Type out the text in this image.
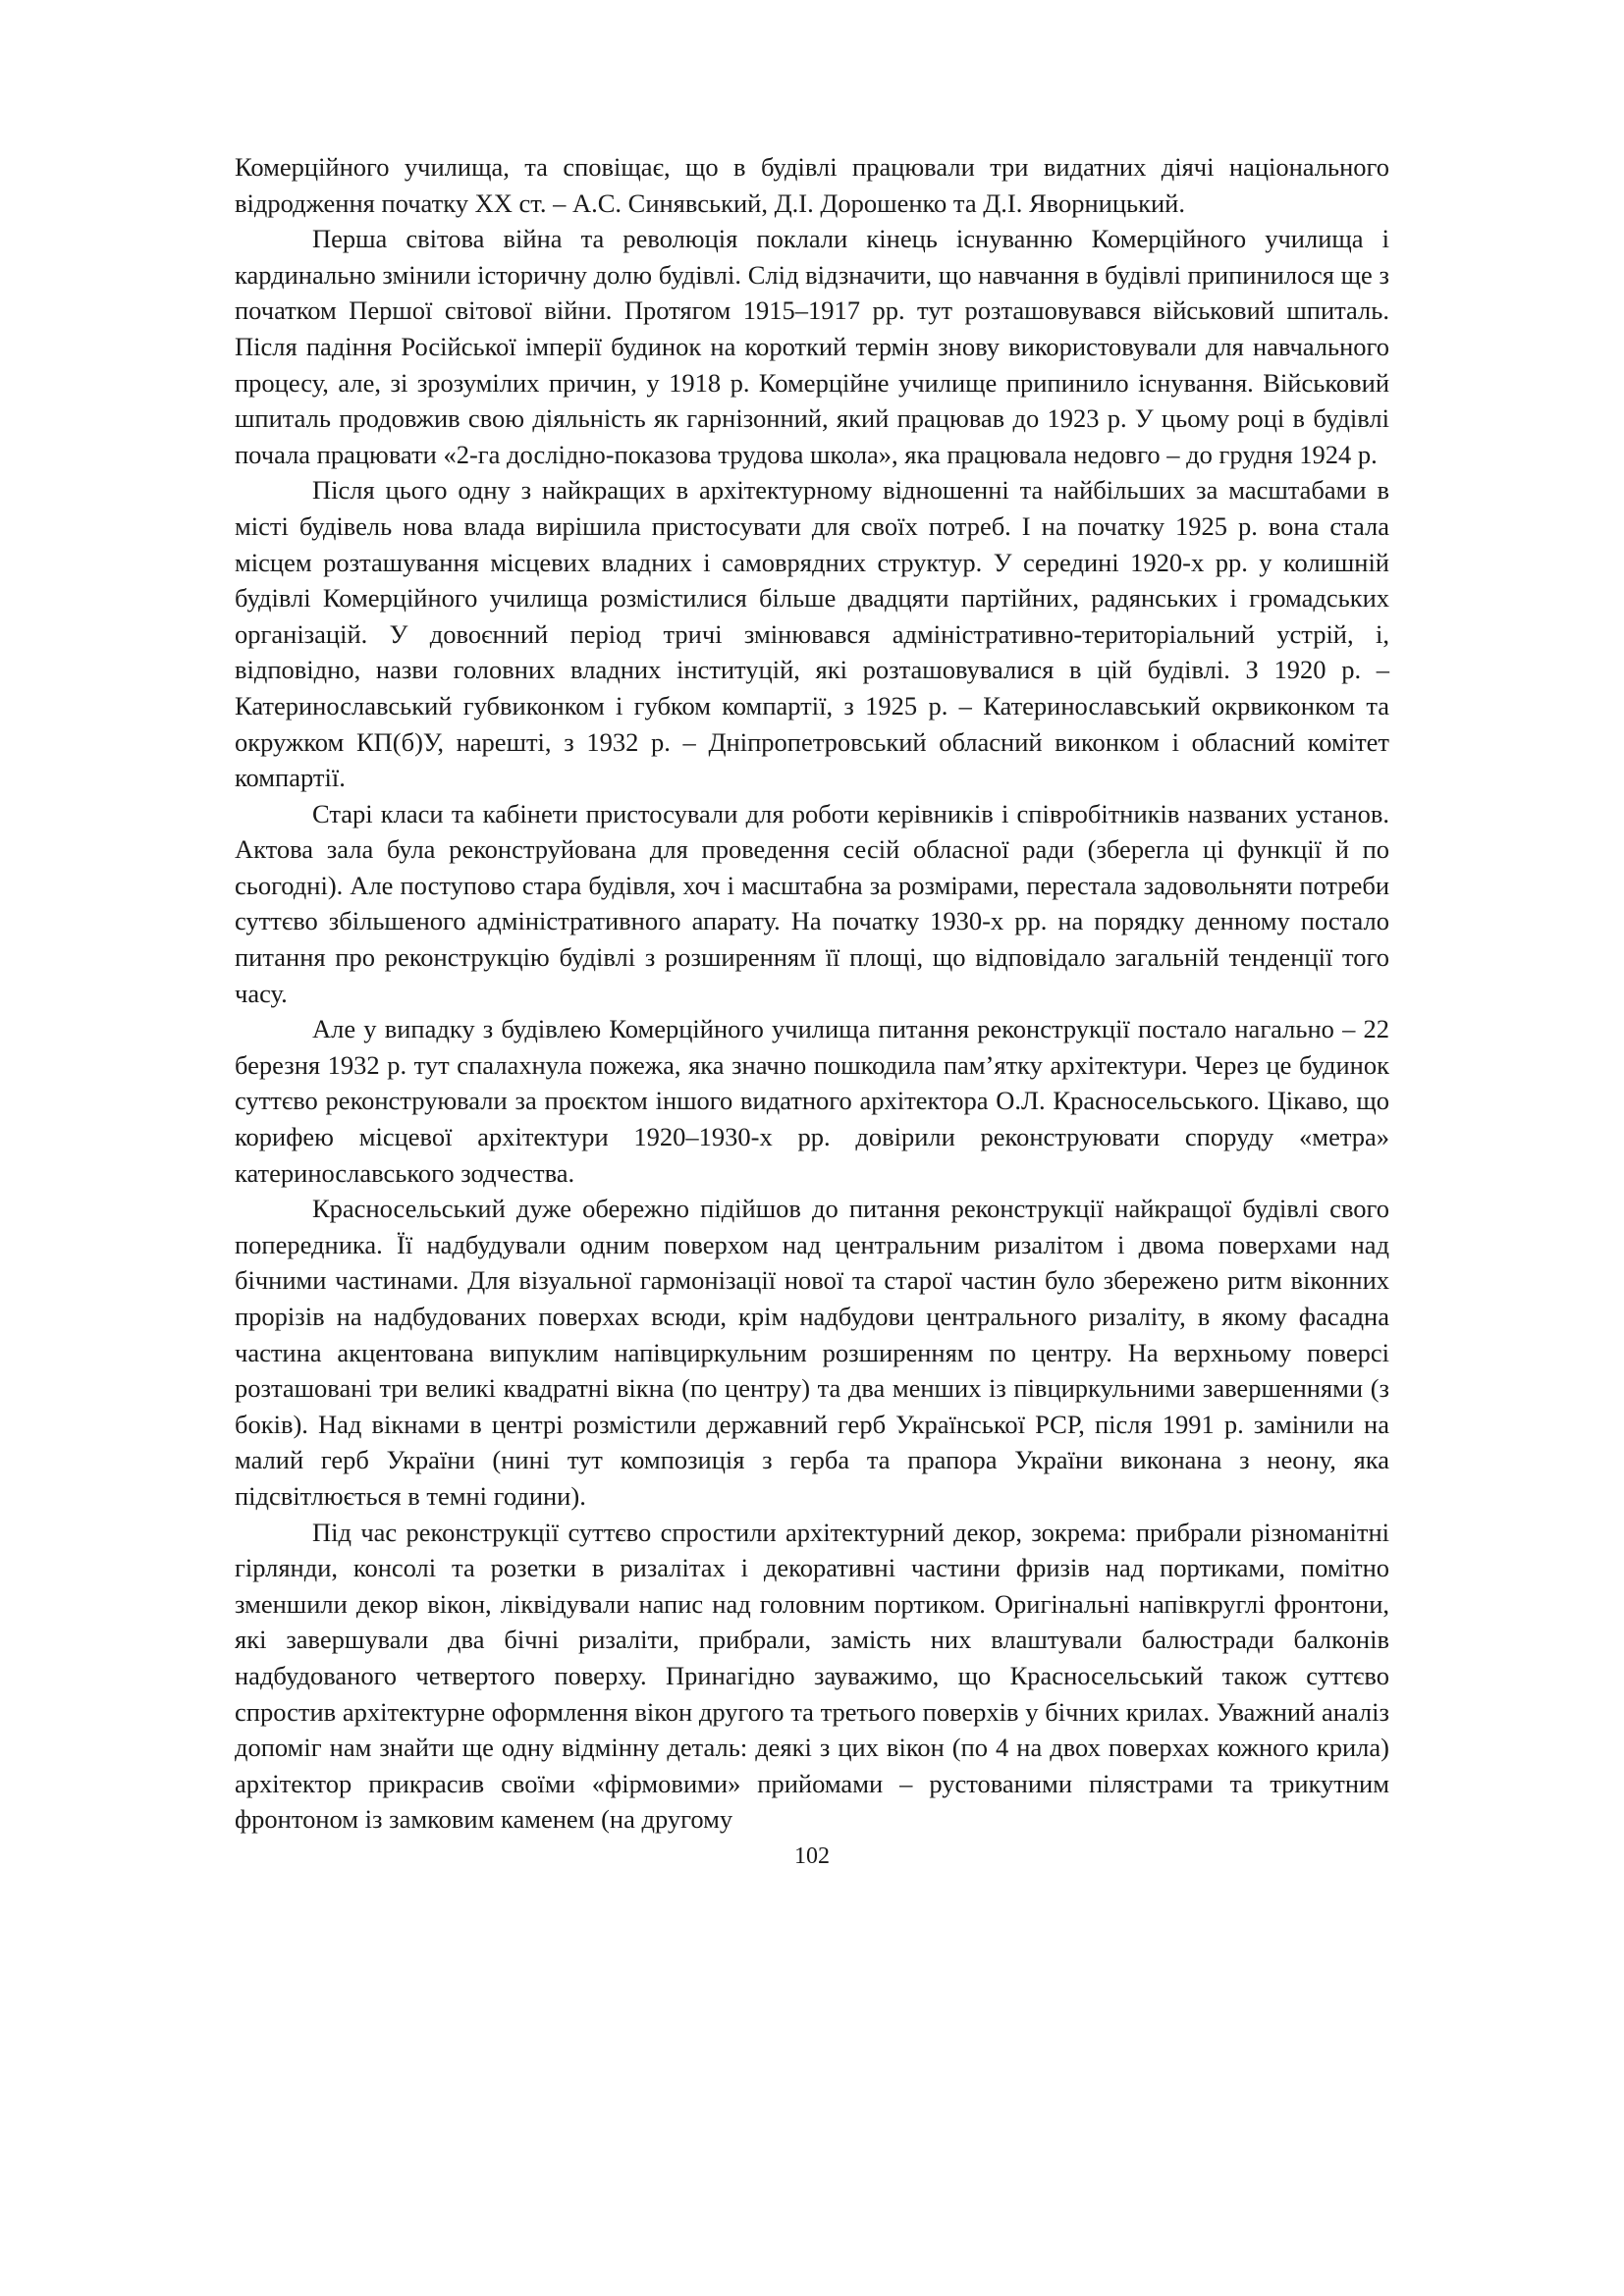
Комерційного училища, та сповіщає, що в будівлі працювали три видатних діячі національного відродження початку XX ст. – А.С. Синявський, Д.І. Дорошенко та Д.І. Яворницький.

Перша світова війна та революція поклали кінець існуванню Комерційного училища і кардинально змінили історичну долю будівлі. Слід відзначити, що навчання в будівлі припинилося ще з початком Першої світової війни. Протягом 1915–1917 рр. тут розташовувався військовий шпиталь. Після падіння Російської імперії будинок на короткий термін знову використовували для навчального процесу, але, зі зрозумілих причин, у 1918 р. Комерційне училище припинило існування. Військовий шпиталь продовжив свою діяльність як гарнізонний, який працював до 1923 р. У цьому році в будівлі почала працювати «2-га дослідно-показова трудова школа», яка працювала недовго – до грудня 1924 р.

Після цього одну з найкращих в архітектурному відношенні та найбільших за масштабами в місті будівель нова влада вирішила пристосувати для своїх потреб. І на початку 1925 р. вона стала місцем розташування місцевих владних і самоврядних структур. У середині 1920-х рр. у колишній будівлі Комерційного училища розмістилися більше двадцяти партійних, радянських і громадських організацій. У довоєнний період тричі змінювався адміністративно-територіальний устрій, і, відповідно, назви головних владних інституцій, які розташовувалися в цій будівлі. З 1920 р. – Катеринославський губвиконком і губком компартії, з 1925 р. – Катеринославський окрвиконком та окружком КП(б)У, нарешті, з 1932 р. – Дніпропетровський обласний виконком і обласний комітет компартії.

Старі класи та кабінети пристосували для роботи керівників і співробітників названих установ. Актова зала була реконструйована для проведення сесій обласної ради (зберегла ці функції й по сьогодні). Але поступово стара будівля, хоч і масштабна за розмірами, перестала задовольняти потреби суттєво збільшеного адміністративного апарату. На початку 1930-х рр. на порядку денному постало питання про реконструкцію будівлі з розширенням її площі, що відповідало загальній тенденції того часу.

Але у випадку з будівлею Комерційного училища питання реконструкції постало нагально – 22 березня 1932 р. тут спалахнула пожежа, яка значно пошкодила пам’ятку архітектури. Через це будинок суттєво реконструювали за проєктом іншого видатного архітектора О.Л. Красносельського. Цікаво, що корифею місцевої архітектури 1920–1930-х рр. довірили реконструювати споруду «метра» катеринославського зодчества.

Красносельський дуже обережно підійшов до питання реконструкції найкращої будівлі свого попередника. Її надбудували одним поверхом над центральним ризалітом і двома поверхами над бічними частинами. Для візуальної гармонізації нової та старої частин було збережено ритм віконних прорізів на надбудованих поверхах всюди, крім надбудови центрального ризаліту, в якому фасадна частина акцентована випуклим напівциркульним розширенням по центру. На верхньому поверсі розташовані три великі квадратні вікна (по центру) та два менших із півциркульними завершеннями (з боків). Над вікнами в центрі розмістили державний герб Української РСР, після 1991 р. замінили на малий герб України (нині тут композиція з герба та прапора України виконана з неону, яка підсвітлюється в темні години).

Під час реконструкції суттєво спростили архітектурний декор, зокрема: прибрали різноманітні гірлянди, консолі та розетки в ризалітах і декоративні частини фризів над портиками, помітно зменшили декор вікон, ліквідували напис над головним портиком. Оригінальні напівкруглі фронтони, які завершували два бічні ризаліти, прибрали, замість них влаштували балюстради балконів надбудованого четвертого поверху. Принагідно зауважимо, що Красносельський також суттєво спростив архітектурне оформлення вікон другого та третього поверхів у бічних крилах. Уважний аналіз допоміг нам знайти ще одну відмінну деталь: деякі з цих вікон (по 4 на двох поверхах кожного крила) архітектор прикрасив своїми «фірмовими» прийомами – рустованими пілястрами та трикутним фронтоном із замковим каменем (на другому

102
